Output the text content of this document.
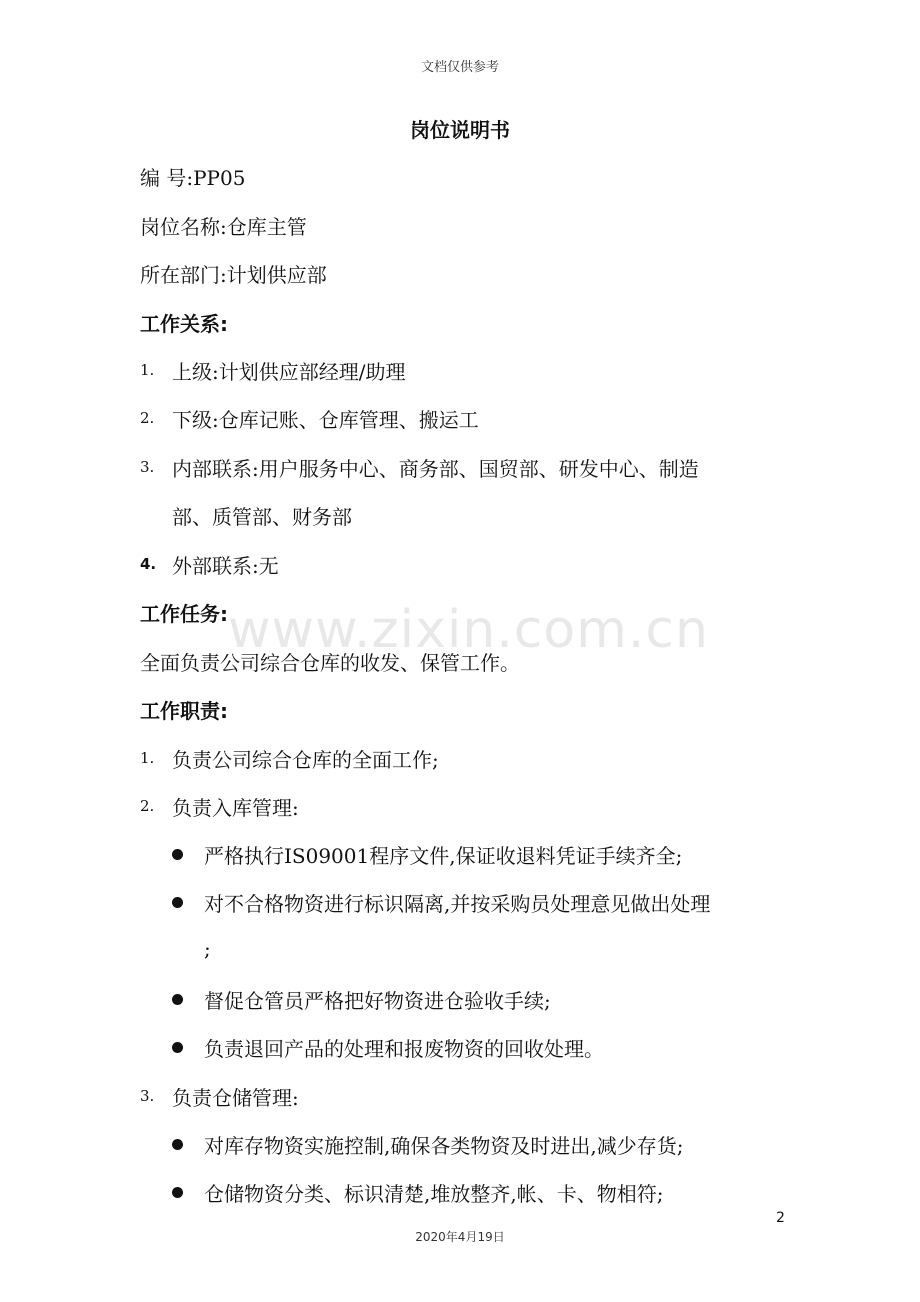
文档仅供参考
岗位说明书
编 号:PP05
岗位名称:仓库主管
所在部门:计划供应部
工作关系:
1. 上级:计划供应部经理/助理
2. 下级:仓库记账、仓库管理、搬运工
3. 内部联系:用户服务中心、商务部、国贸部、研发中心、制造
部、质管部、财务部
4. 外部联系:无
工作任务:
全面负责公司综合仓库的收发、保管工作。
工作职责:
1. 负责公司综合仓库的全面工作;
2. 负责入库管理:
严格执行IS09001程序文件,保证收退料凭证手续齐全;
对不合格物资进行标识隔离,并按采购员处理意见做出处理
;
督促仓管员严格把好物资进仓验收手续;
负责退回产品的处理和报废物资的回收处理。
3. 负责仓储管理:
对库存物资实施控制,确保各类物资及时进出,减少存货;
仓储物资分类、标识清楚,堆放整齐,帐、卡、物相符;
www.zixin.com.cn
2
2020年4月19日
